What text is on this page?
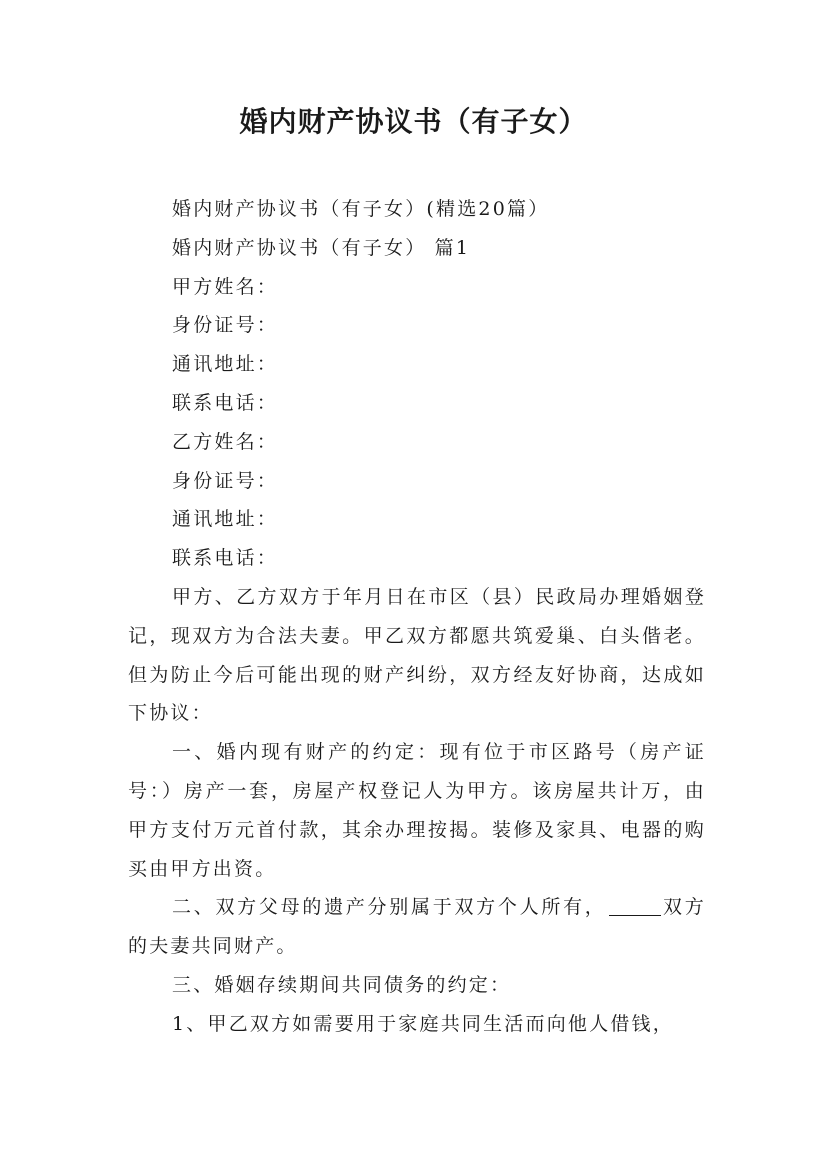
婚内财产协议书（有子女）

婚内财产协议书（有子女）(精选20篇）

婚内财产协议书（有子女） 篇1

甲方姓名：

身份证号：

通讯地址：

联系电话：

乙方姓名：

身份证号：

通讯地址：

联系电话：

甲方、乙方双方于年月日在市区（县）民政局办理婚姻登记，现双方为合法夫妻。甲乙双方都愿共筑爱巢、白头偕老。但为防止今后可能出现的财产纠纷，双方经友好协商，达成如下协议：

一、婚内现有财产的约定：现有位于市区路号（房产证号：）房产一套，房屋产权登记人为甲方。该房屋共计万，由甲方支付万元首付款，其余办理按揭。装修及家具、电器的购买由甲方出资。

二、双方父母的遗产分别属于双方个人所有，	双方的夫妻共同财产。

三、婚姻存续期间共同债务的约定：

1、甲乙双方如需要用于家庭共同生活而向他人借钱，
